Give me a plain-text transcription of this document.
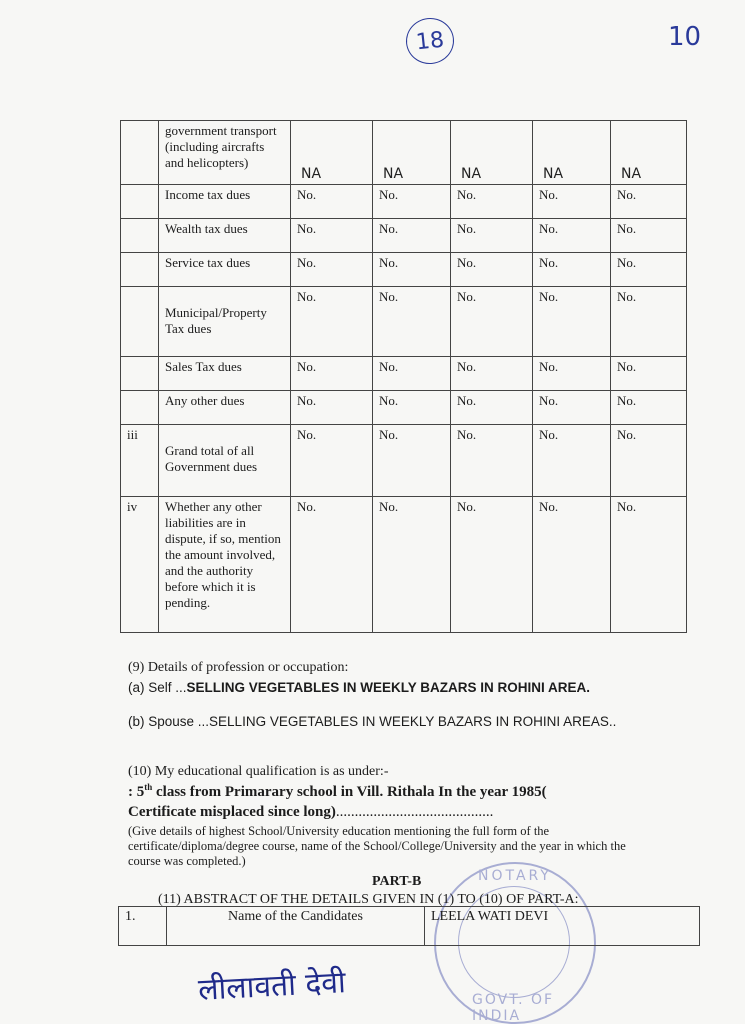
18	10
	government transport (including aircrafts and helicopters)	NA	NA	NA	NA	NA
	Income tax dues	No.	No.	No.	No.	No.
	Wealth tax dues	No.	No.	No.	No.	No.
	Service tax dues	No.	No.	No.	No.	No.
	Municipal/Property Tax dues	No.	No.	No.	No.	No.
	Sales Tax dues	No.	No.	No.	No.	No.
	Any other dues	No.	No.	No.	No.	No.
iii	Grand total of all Government dues	No.	No.	No.	No.	No.
iv	Whether any other liabilities are in dispute, if so, mention the amount involved, and the authority before which it is pending.	No.	No.	No.	No.	No.
(9) Details of profession or occupation:
(a) Self ...SELLING VEGETABLES IN WEEKLY BAZARS IN ROHINI AREA.
(b) Spouse ...SELLING VEGETABLES IN WEEKLY BAZARS IN ROHINI AREAS..
(10) My educational qualification is as under:-
: 5th class from Primarary school in Vill. Rithala In the year 1985(
Certificate misplaced since long)..........................................
(Give details of highest School/University education mentioning the full form of the certificate/diploma/degree course, name of the School/College/University and the year in which the course was completed.)
NOTARY
GOVT. OF INDIA
PART-B
(11) ABSTRACT OF THE DETAILS GIVEN IN (1) TO (10) OF PART-A:
1.	Name of the Candidates	LEELA WATI DEVI
लीलावती देवी
